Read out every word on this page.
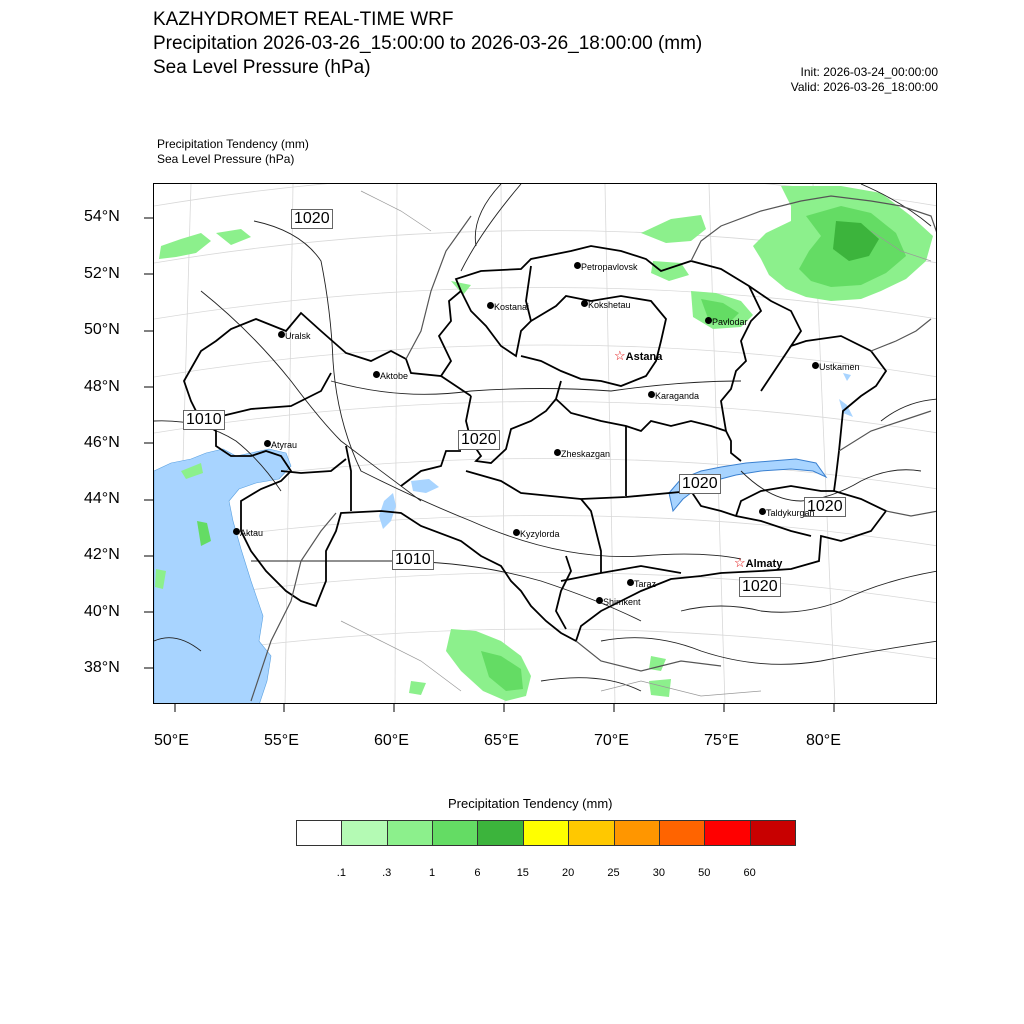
KAZHYDROMET REAL-TIME WRF
Precipitation 2026-03-26_15:00:00 to 2026-03-26_18:00:00 (mm)
Sea Level Pressure (hPa)	Init: 2026-03-24_00:00:00
Valid: 2026-03-26_18:00:00
Precipitation Tendency (mm)
Sea Level Pressure (hPa)
1020
1010
1020
1020
1020
1010
1020
Petropavlovsk
Kostanai	Kokshetau
Uralsk
Pavlodar
☆Astana
Aktobe
Ustkamen
Karaganda
Atyrau
Zheskazgan
Aktau
Taldykurgan
Kyzylorda
☆Almaty
Taraz
Shimkent
54°N
52°N
50°N
48°N
46°N
44°N
42°N
40°N
38°N
50°E	55°E	60°E	65°E	70°E	75°E	80°E
Precipitation Tendency (mm)
.1	.3	1	6	15	20	25	30	50	60
